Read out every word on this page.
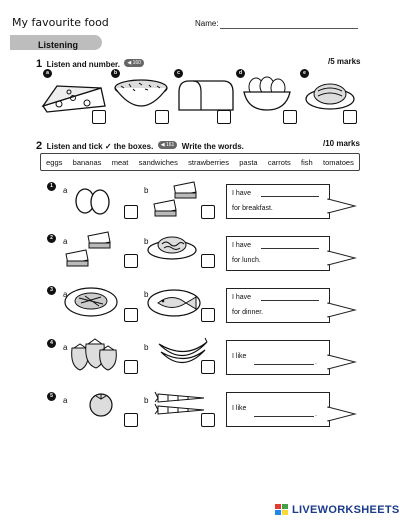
My favourite food	Name:
Listening
1 Listen and number. ◀ 160	/5 marks
a	b	c	d	e
2 Listen and tick ✓ the boxes. ◀ 161 Write the words.	/10 marks
eggs bananas meat sandwiches strawberries pasta carrots fish tomatoes
1	a	b	I have
for breakfast.
2	a	b	I have
for lunch.
3	a	b	I have
for dinner.
4	a	b
I like
.
5	a	b
I like
.
LIVEWORKSHEETS
